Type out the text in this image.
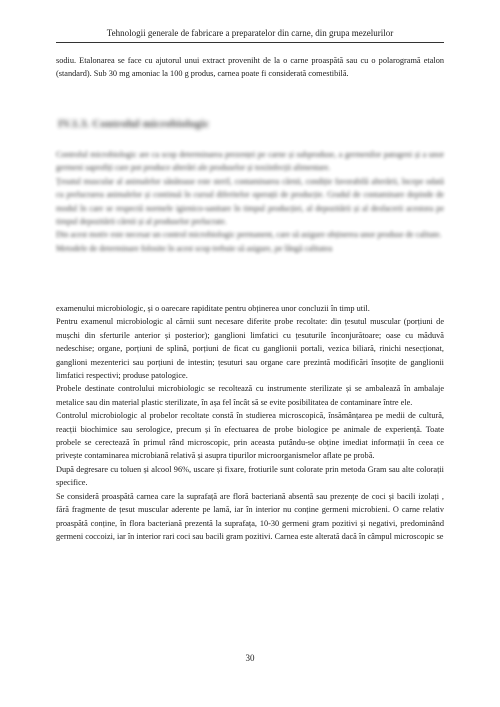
Tehnologii generale de fabricare a preparatelor din carne, din grupa mezelurilor

sodiu. Etalonarea se face cu ajutorul unui extract proveniht de la o carne proaspătă sau cu o polarogramă etalon (standard). Sub 30 mg amoniac la 100 g produs, carnea poate fi considerată comestibilă.

IV.1.3. Controlul microbiologic

Controlul microbiologic are ca scop determinarea prezenței pe carne și subproduse, a germenilor patogeni și a unor germeni saprofiți care pot produce alterări ale produselor și toxiinfecții alimentare.

Țesutul muscular al animalelor sănătoase este steril, contaminarea cărnii, condiție favorabilă alterării, începe odată cu prelucrarea animalelor și continuă în cursul diferitelor operații de producție. Gradul de contaminare depinde de modul în care se respectă normele igienico-sanitare în timpul producției, al depozitării și al desfacerii acestora pe timpul depozitării cărnii și al produselor prelucrate.

Din acest motiv este necesar un control microbiologic permanent, care să asigure obținerea unor produse de calitate.

Metodele de determinare folosite în acest scop trebuie să asigure, pe lângă calitatea

examenului microbiologic, și o oarecare rapiditate pentru obținerea unor concluzii în timp util.

Pentru examenul microbiologic al cărnii sunt necesare diferite probe recoltate: din țesutul muscular (porțiuni de mușchi din sferturile anterior și posterior); ganglioni limfatici cu țesuturile înconjurătoare; oase cu măduvă nedeschise; organe, porțiuni de splină, porțiuni de ficat cu ganglionii portali, vezica biliară, rinichi nesecționat, ganglioni mezenterici sau porțiuni de intestin; țesuturi sau organe care prezintă modificări însoțite de ganglionii limfatici respectivi; produse patologice.

Probele destinate controlului microbiologic se recoltează cu instrumente sterilizate și se ambalează în ambalaje metalice sau din material plastic sterilizate, în așa fel încât să se evite posibilitatea de contaminare între ele.

Controlul microbiologic al probelor recoltate constă în studierea microscopică, însămânțarea pe medii de cultură, reacții biochimice sau serologice, precum și în efectuarea de probe biologice pe animale de experiență. Toate probele se cerectează în primul rând microscopic, prin aceasta putându-se obține imediat informații în ceea ce privește contaminarea microbiană relativă și asupra tipurilor microorganismelor aflate pe probă.

După degresare cu toluen și alcool 96%, uscare și fixare, frotiurile sunt colorate prin metoda Gram sau alte colorații specifice.

Se consideră proaspătă carnea care la suprafață are floră bacteriană absentă sau prezențe de coci și bacili izolați , fără fragmente de țesut muscular aderente pe lamă, iar în interior nu conține germeni microbieni. O carne relativ proaspătă conține, în flora bacteriană prezentă la suprafața, 10-30 germeni gram pozitivi și negativi, predominând germeni coccoizi, iar în interior rari coci sau bacili gram pozitivi. Carnea este alterată dacă în câmpul microscopic se

30
